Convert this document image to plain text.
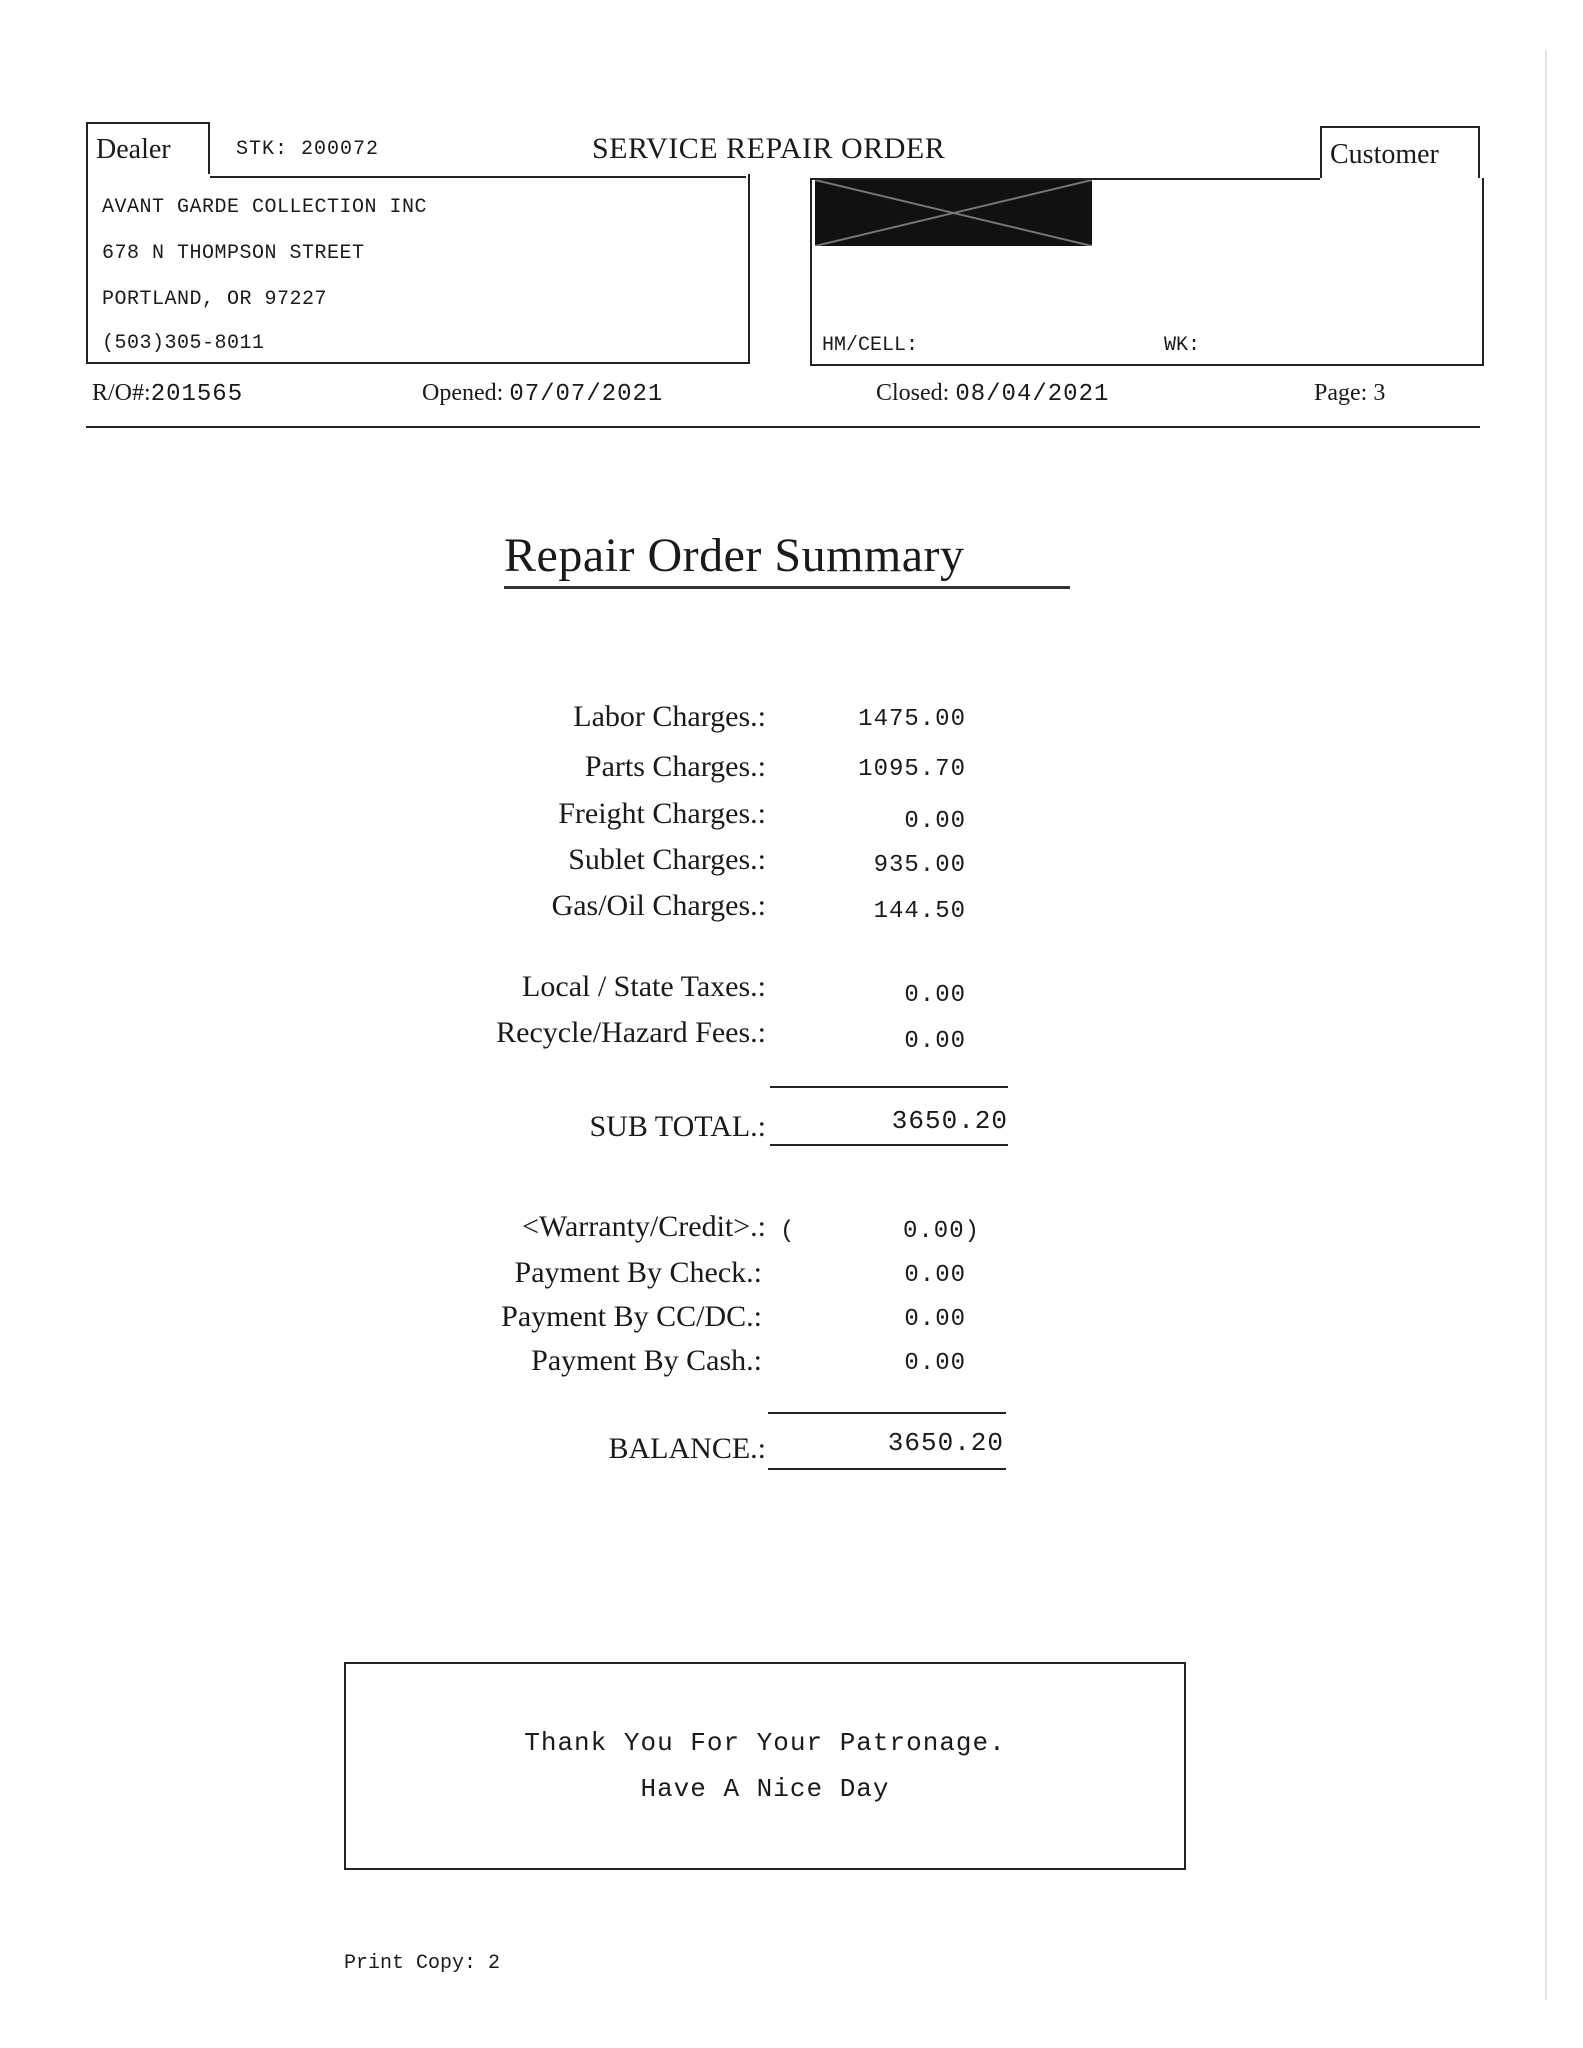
Dealer	STK: 200072	SERVICE REPAIR ORDER	Customer
AVANT GARDE COLLECTION INC
678 N THOMPSON STREET
PORTLAND, OR 97227
(503)305-8011	HM/CELL:	WK:
R/O#:201565	Opened: 07/07/2021	Closed: 08/04/2021	Page: 3
Repair Order Summary
Labor Charges.:	1475.00
Parts Charges.:	1095.70
Freight Charges.:	0.00
Sublet Charges.:	935.00
Gas/Oil Charges.:	144.50
Local / State Taxes.:	0.00
Recycle/Hazard Fees.:	0.00
SUB TOTAL.:	3650.20
<Warranty/Credit>.: (	0.00)
Payment By Check.:	0.00
Payment By CC/DC.:	0.00
Payment By Cash.:	0.00
BALANCE.:	3650.20
Thank You For Your Patronage.
Have A Nice Day
Print Copy: 2
